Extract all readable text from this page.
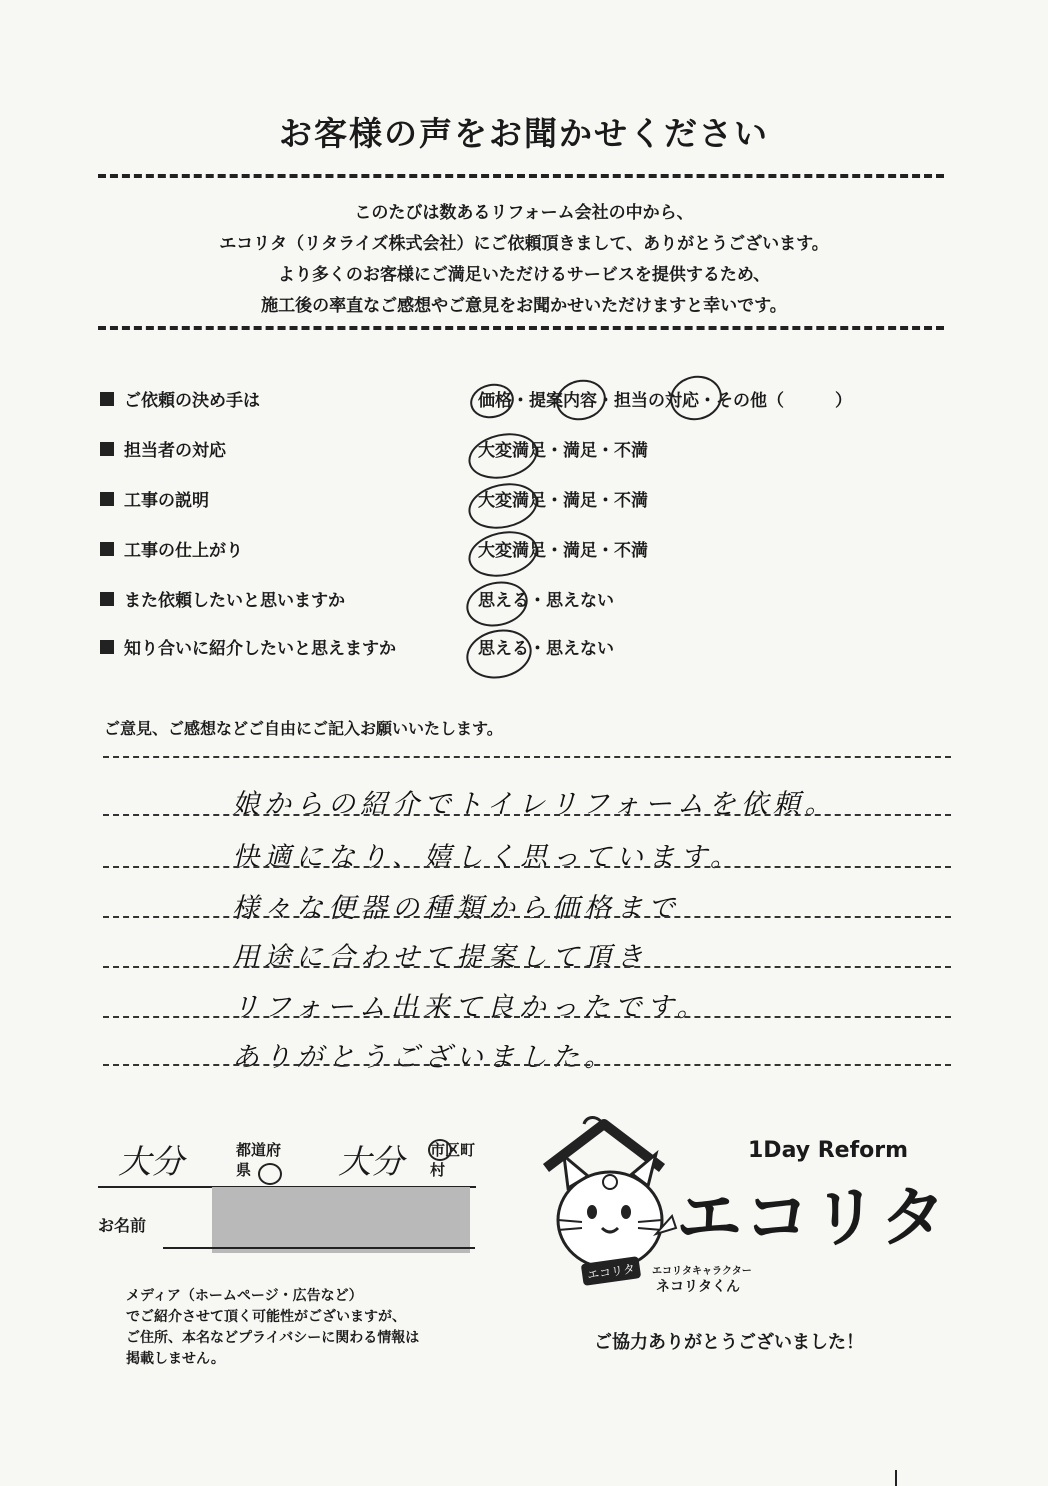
お客様の声をお聞かせください
このたびは数あるリフォーム会社の中から、
エコリタ（リタライズ株式会社）にご依頼頂きまして、ありがとうございます。
より多くのお客様にご満足いただけるサービスを提供するため、
施工後の率直なご感想やご意見をお聞かせいただけますと幸いです。
ご依頼の決め手は	価格・提案内容・担当の対応・その他（　　　）
担当者の対応	大変満足・満足・不満
工事の説明	大変満足・満足・不満
工事の仕上がり	大変満足・満足・不満
また依頼したいと思いますか	思える・思えない
知り合いに紹介したいと思えますか	思える・思えない
ご意見、ご感想などご自由にご記入お願いいたします。
娘からの紹介でトイレリフォームを依頼。
快適になり、嬉しく思っています。
様々な便器の種類から価格まで
用途に合わせて提案して頂き
リフォーム出来て良かったです。
ありがとうございました。
大分	都道府県	大分 市区町村
お名前
メディア（ホームページ・広告など）
でご紹介させて頂く可能性がございますが、
ご住所、本名などプライバシーに関わる情報は
掲載しません。
エコリタ
1Day Reform
エコリタ
エコリタキャラクター
ネコリタくん
ご協力ありがとうございました！
